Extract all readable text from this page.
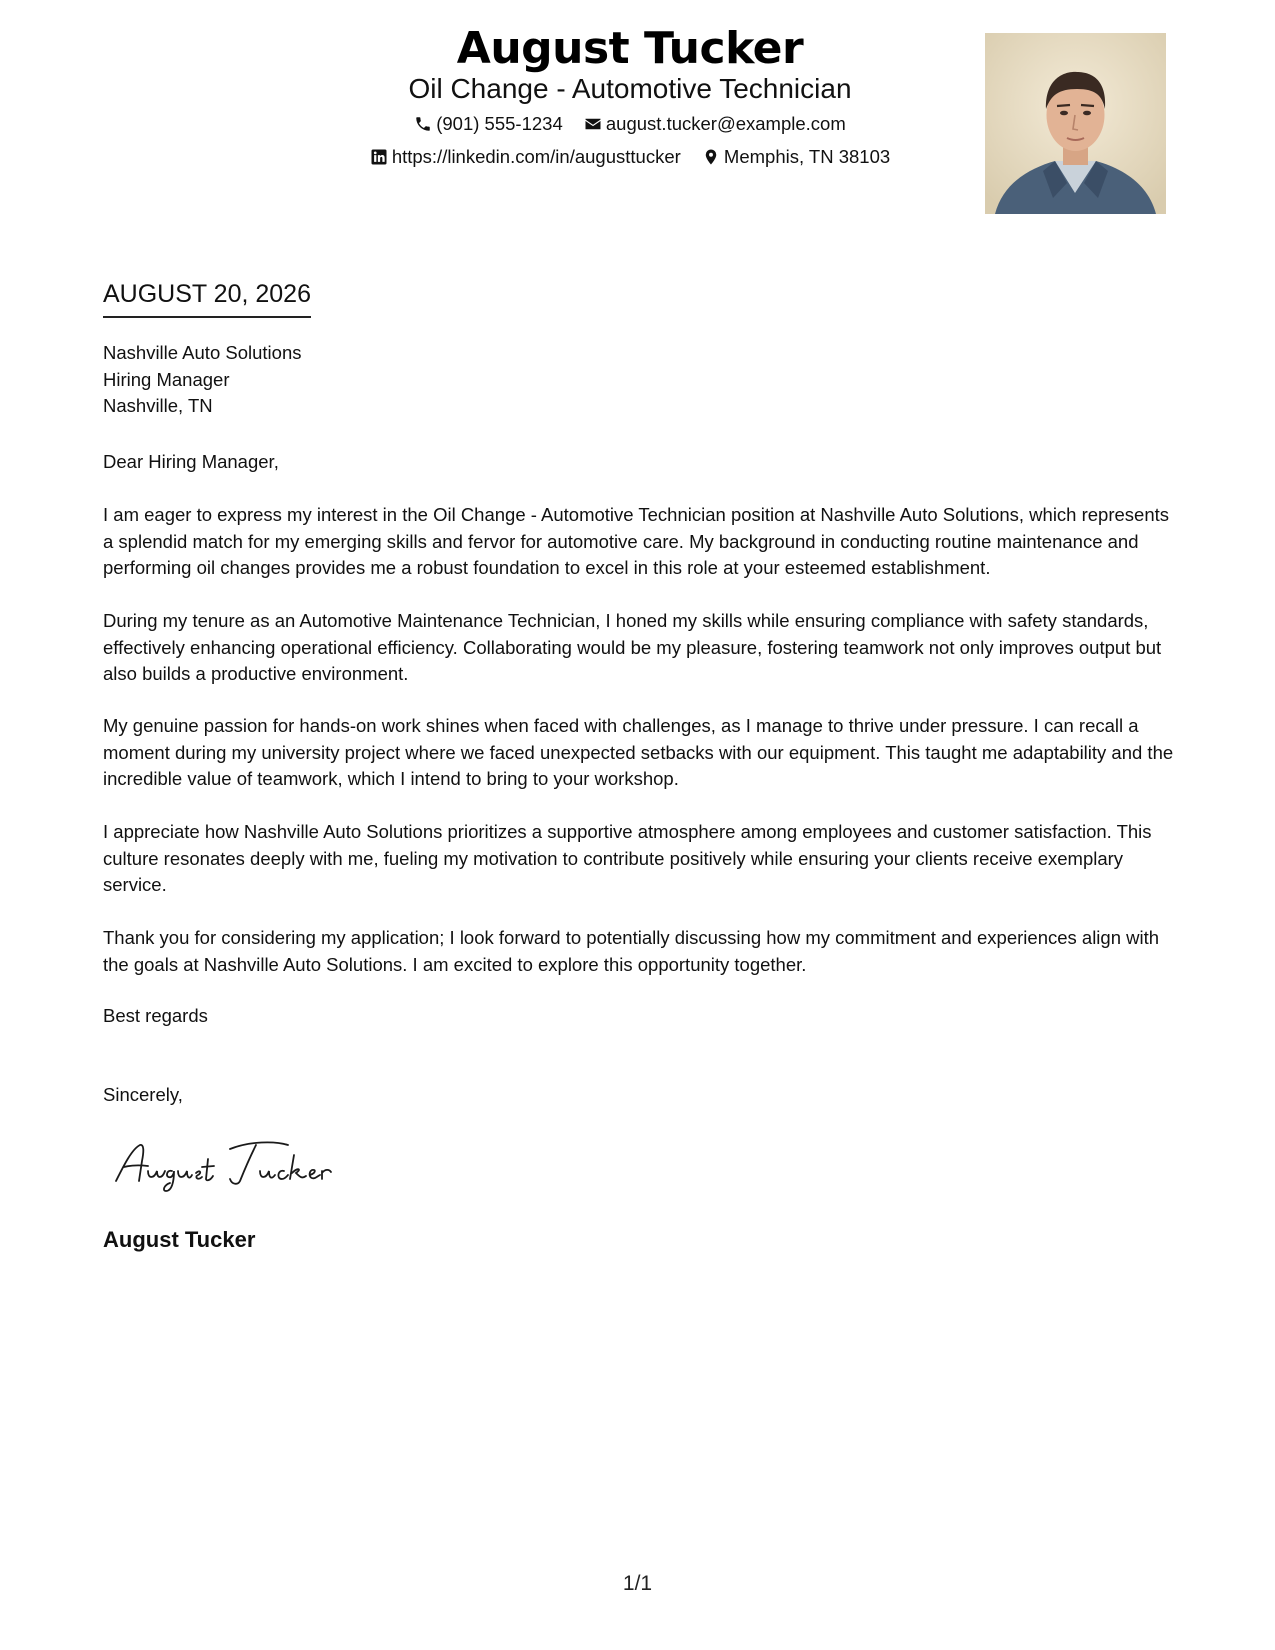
August Tucker
Oil Change - Automotive Technician
(901) 555-1234
august.tucker@example.com
https://linkedin.com/in/augusttucker
Memphis, TN 38103
AUGUST 20, 2026
Nashville Auto Solutions
Hiring Manager
Nashville, TN
Dear Hiring Manager,

I am eager to express my interest in the Oil Change - Automotive Technician position at Nashville Auto Solutions, which represents a splendid match for my emerging skills and fervor for automotive care. My background in conducting routine maintenance and performing oil changes provides me a robust foundation to excel in this role at your esteemed establishment.

During my tenure as an Automotive Maintenance Technician, I honed my skills while ensuring compliance with safety standards, effectively enhancing operational efficiency. Collaborating would be my pleasure, fostering teamwork not only improves output but also builds a productive environment.

My genuine passion for hands-on work shines when faced with challenges, as I manage to thrive under pressure. I can recall a moment during my university project where we faced unexpected setbacks with our equipment. This taught me adaptability and the incredible value of teamwork, which I intend to bring to your workshop.

I appreciate how Nashville Auto Solutions prioritizes a supportive atmosphere among employees and customer satisfaction. This culture resonates deeply with me, fueling my motivation to contribute positively while ensuring your clients receive exemplary service.

Thank you for considering my application; I look forward to potentially discussing how my commitment and experiences align with the goals at Nashville Auto Solutions. I am excited to explore this opportunity together.

Best regards
Sincerely,
August Tucker
1/1
